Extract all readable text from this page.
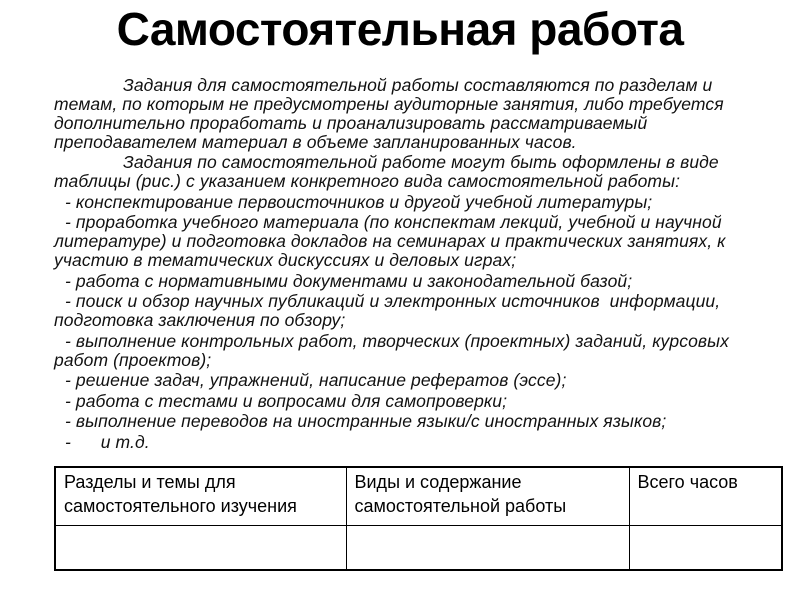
Самостоятельная работа
Задания для самостоятельной работы составляются по разделам и
темам, по которым не предусмотрены аудиторные занятия, либо требуется
дополнительно проработать и проанализировать рассматриваемый
преподавателем материал в объеме запланированных часов.
Задания по самостоятельной работе могут быть оформлены в виде
таблицы (рис.) с указанием конкретного вида самостоятельной работы:
- конспектирование первоисточников и другой учебной литературы;
- проработка учебного материала (по конспектам лекций, учебной и научной
литературе) и подготовка докладов на семинарах и практических занятиях, к
участию в тематических дискуссиях и деловых играх;
- работа с нормативными документами и законодательной базой;
- поиск и обзор научных публикаций и электронных источников  информации,
подготовка заключения по обзору;
- выполнение контрольных работ, творческих (проектных) заданий, курсовых
работ (проектов);
- решение задач, упражнений, написание рефератов (эссе);
- работа с тестами и вопросами для самопроверки;
- выполнение переводов на иностранные языки/с иностранных языков;
-      и т.д.
Разделы и темы для самостоятельного изучения	Виды и содержание самостоятельной работы	Всего часов
